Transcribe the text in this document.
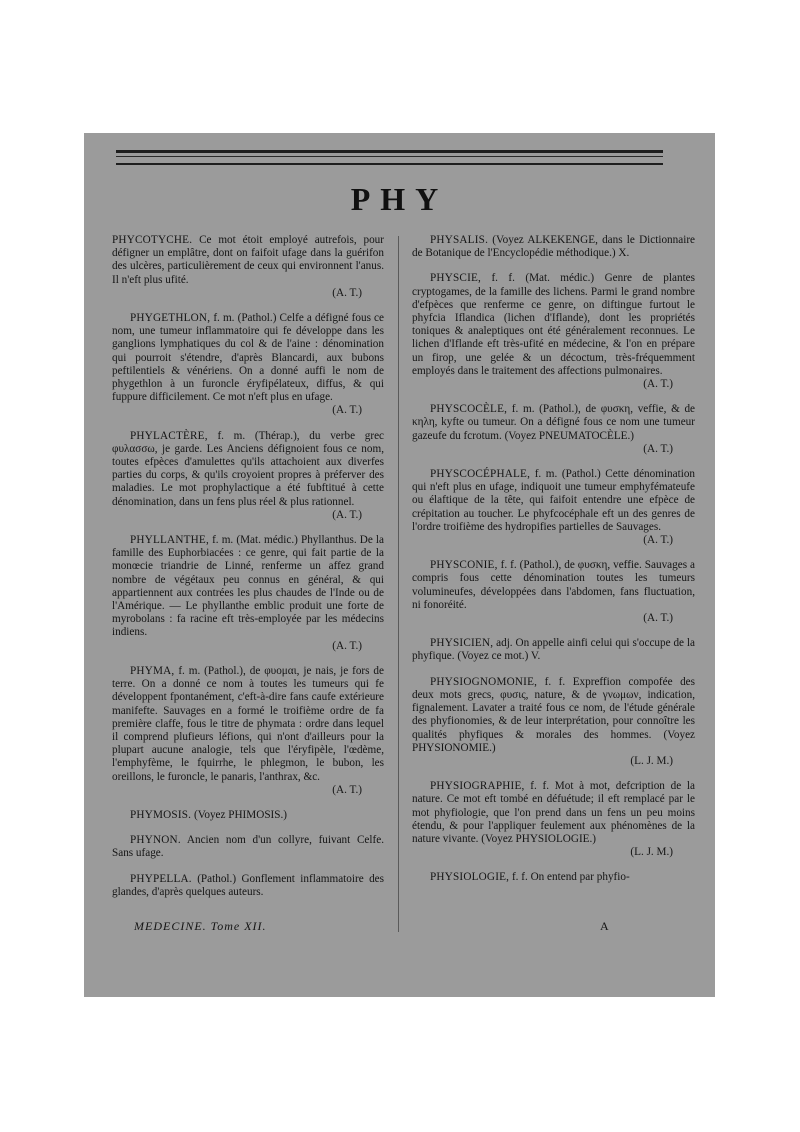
PHY
PHYCOTYCHE. Ce mot étoit employé autrefois, pour défigner un emplâtre, dont on faifoit ufage dans la guérifon des ulcères, particulièrement de ceux qui environnent l'anus. Il n'eft plus ufité.
(A. T.)
PHYGETHLON, f. m. (Pathol.) Celfe a défigné fous ce nom, une tumeur inflammatoire qui fe développe dans les ganglions lymphatiques du col & de l'aine : dénomination qui pourroit s'étendre, d'après Blancardi, aux bubons peftilentiels & vénériens. On a donné auffi le nom de phygethlon à un furoncle éryfipélateux, diffus, & qui fuppure difficilement. Ce mot n'eft plus en ufage.
(A. T.)
PHYLACTÈRE, f. m. (Thérap.), du verbe grec φυλασσω, je garde. Les Anciens défignoient fous ce nom, toutes efpèces d'amulettes qu'ils attachoient aux diverfes parties du corps, & qu'ils croyoient propres à préferver des maladies. Le mot prophylactique a été fubftitué à cette dénomination, dans un fens plus réel & plus rationnel.
(A. T.)
PHYLLANTHE, f. m. (Mat. médic.) Phyllanthus. De la famille des Euphorbiacées : ce genre, qui fait partie de la monœcie triandrie de Linné, renferme un affez grand nombre de végétaux peu connus en général, & qui appartiennent aux contrées les plus chaudes de l'Inde ou de l'Amérique. — Le phyllanthe emblic produit une forte de myrobolans : fa racine eft très-employée par les médecins indiens.
(A. T.)
PHYMA, f. m. (Pathol.), de φυομαι, je nais, je fors de terre. On a donné ce nom à toutes les tumeurs qui fe développent fpontanément, c'eft-à-dire fans caufe extérieure manifefte. Sauvages en a formé le troifième ordre de fa première claffe, fous le titre de phymata : ordre dans lequel il comprend plufieurs léfions, qui n'ont d'ailleurs pour la plupart aucune analogie, tels que l'éryfipèle, l'œdème, l'emphyfème, le fquirrhe, le phlegmon, le bubon, les oreillons, le furoncle, le panaris, l'anthrax, &c.
(A. T.)
PHYMOSIS. (Voyez PHIMOSIS.)
PHYNON. Ancien nom d'un collyre, fuivant Celfe. Sans ufage.
PHYPELLA. (Pathol.) Gonflement inflammatoire des glandes, d'après quelques auteurs.
PHYSALIS. (Voyez ALKEKENGE, dans le Dictionnaire de Botanique de l'Encyclopédie méthodique.) X.
PHYSCIE, f. f. (Mat. médic.) Genre de plantes cryptogames, de la famille des lichens. Parmi le grand nombre d'efpèces que renferme ce genre, on diftingue furtout le phyfcia Iflandica (lichen d'Iflande), dont les propriétés toniques & analeptiques ont été généralement reconnues. Le lichen d'Iflande eft très-ufité en médecine, & l'on en prépare un firop, une gelée & un décoctum, très-fréquemment employés dans le traitement des affections pulmonaires.
(A. T.)
PHYSCOCÈLE, f. m. (Pathol.), de φυσκη, veffie, & de κηλη, kyfte ou tumeur. On a défigné fous ce nom une tumeur gazeufe du fcrotum. (Voyez PNEUMATOCÈLE.)
(A. T.)
PHYSCOCÉPHALE, f. m. (Pathol.) Cette dénomination qui n'eft plus en ufage, indiquoit une tumeur emphyfémateufe ou élaftique de la tête, qui faifoit entendre une efpèce de crépitation au toucher. Le phyfcocéphale eft un des genres de l'ordre troifième des hydropifies partielles de Sauvages.
(A. T.)
PHYSCONIE, f. f. (Pathol.), de φυσκη, veffie. Sauvages a compris fous cette dénomination toutes les tumeurs volumineufes, développées dans l'abdomen, fans fluctuation, ni fonoréité.
(A. T.)
PHYSICIEN, adj. On appelle ainfi celui qui s'occupe de la phyfique. (Voyez ce mot.) V.
PHYSIOGNOMONIE, f. f. Expreffion compofée des deux mots grecs, φυσις, nature, & de γνωμων, indication, fignalement. Lavater a traité fous ce nom, de l'étude générale des phyfionomies, & de leur interprétation, pour connoître les qualités phyfiques & morales des hommes. (Voyez PHYSIONOMIE.)
(L. J. M.)
PHYSIOGRAPHIE, f. f. Mot à mot, defcription de la nature. Ce mot eft tombé en défuétude; il eft remplacé par le mot phyfiologie, que l'on prend dans un fens un peu moins étendu, & pour l'appliquer feulement aux phénomènes de la nature vivante. (Voyez PHYSIOLOGIE.)
(L. J. M.)
PHYSIOLOGIE, f. f. On entend par phyfio-
MEDECINE. Tome XII.	A
